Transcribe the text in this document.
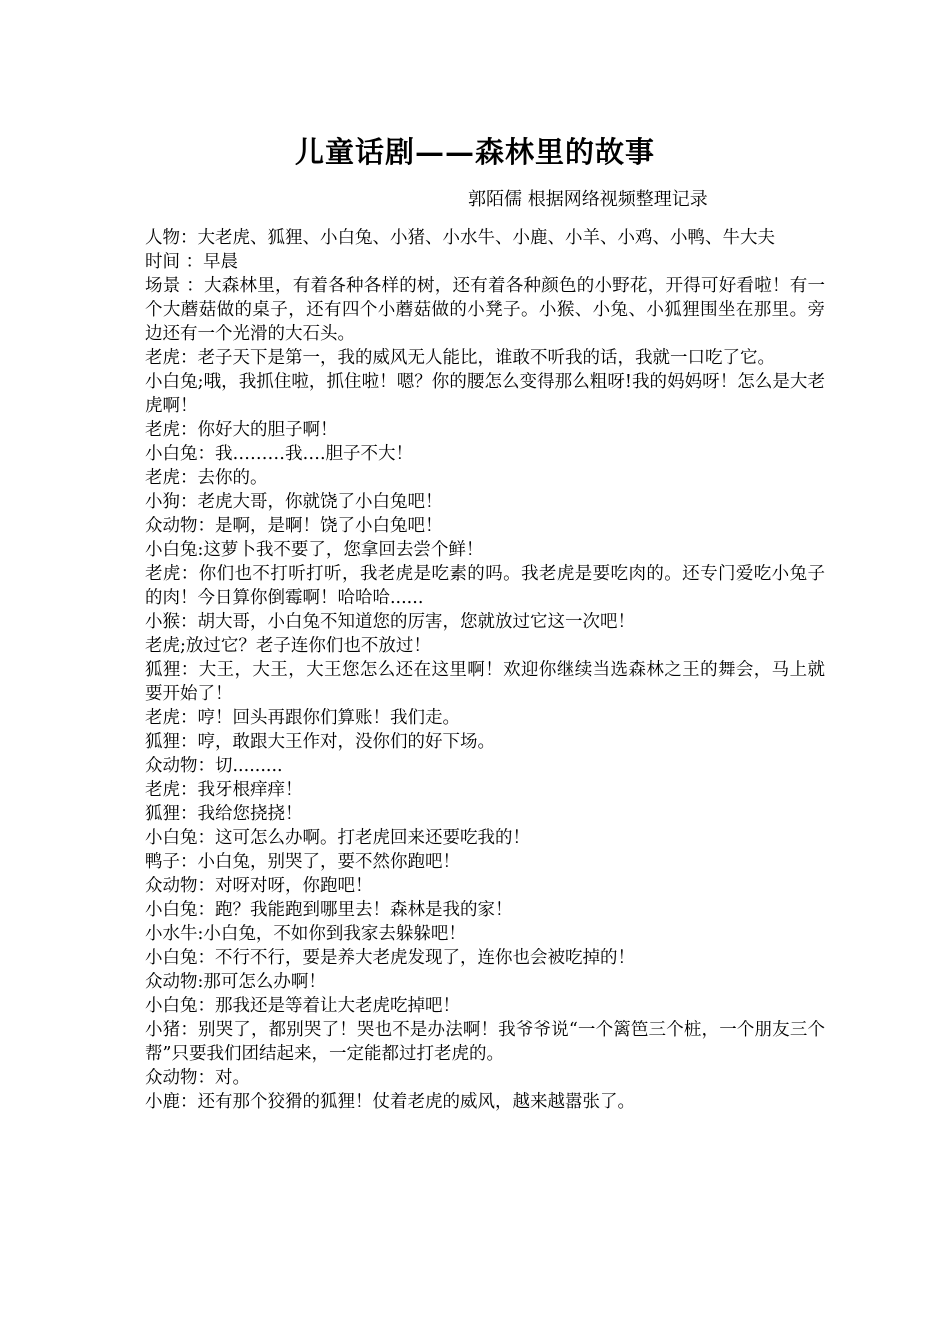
儿童话剧——森林里的故事
郭陌儒 根据网络视频整理记录

人物：大老虎、狐狸、小白兔、小猪、小水牛、小鹿、小羊、小鸡、小鸭、牛大夫

时间 ：早晨

场景 ：大森林里，有着各种各样的树，还有着各种颜色的小野花，开得可好看啦！有一 个大蘑菇做的桌子，还有四个小蘑菇做的小凳子。小猴、小兔、小狐狸围坐在那里。旁边还有一个光滑的大石头。

老虎：老子天下是第一，我的威风无人能比，谁敢不听我的话，我就一口吃了它。

小白兔;哦，我抓住啦，抓住啦！嗯？你的腰怎么变得那么粗呀!我的妈妈呀！怎么是大老虎啊！

老虎：你好大的胆子啊！

小白兔：我………我….胆子不大！

老虎：去你的。

小狗：老虎大哥，你就饶了小白兔吧！

众动物：是啊，是啊！饶了小白兔吧！

小白兔:这萝卜我不要了，您拿回去尝个鲜！

老虎：你们也不打听打听，我老虎是吃素的吗。我老虎是要吃肉的。还专门爱吃小兔子的肉！今日算你倒霉啊！哈哈哈......

小猴：胡大哥，小白兔不知道您的厉害，您就放过它这一次吧！

老虎;放过它？老子连你们也不放过！

狐狸：大王，大王，大王您怎么还在这里啊！欢迎你继续当选森林之王的舞会，马上就要开始了！

老虎：哼！回头再跟你们算账！我们走。

狐狸：哼，敢跟大王作对，没你们的好下场。

众动物：切.........

老虎：我牙根痒痒！

狐狸：我给您挠挠！

小白兔：这可怎么办啊。打老虎回来还要吃我的！

鸭子：小白兔，别哭了，要不然你跑吧！

众动物：对呀对呀，你跑吧！

小白兔：跑？我能跑到哪里去！森林是我的家！

小水牛:小白兔，不如你到我家去躲躲吧！

小白兔：不行不行，要是养大老虎发现了，连你也会被吃掉的！

众动物:那可怎么办啊！

小白兔：那我还是等着让大老虎吃掉吧！

小猪：别哭了，都别哭了！哭也不是办法啊！我爷爷说“一个篱笆三个桩，一个朋友三个帮”只要我们团结起来，一定能都过打老虎的。

众动物：对。

小鹿：还有那个狡猾的狐狸！仗着老虎的威风，越来越嚣张了。
